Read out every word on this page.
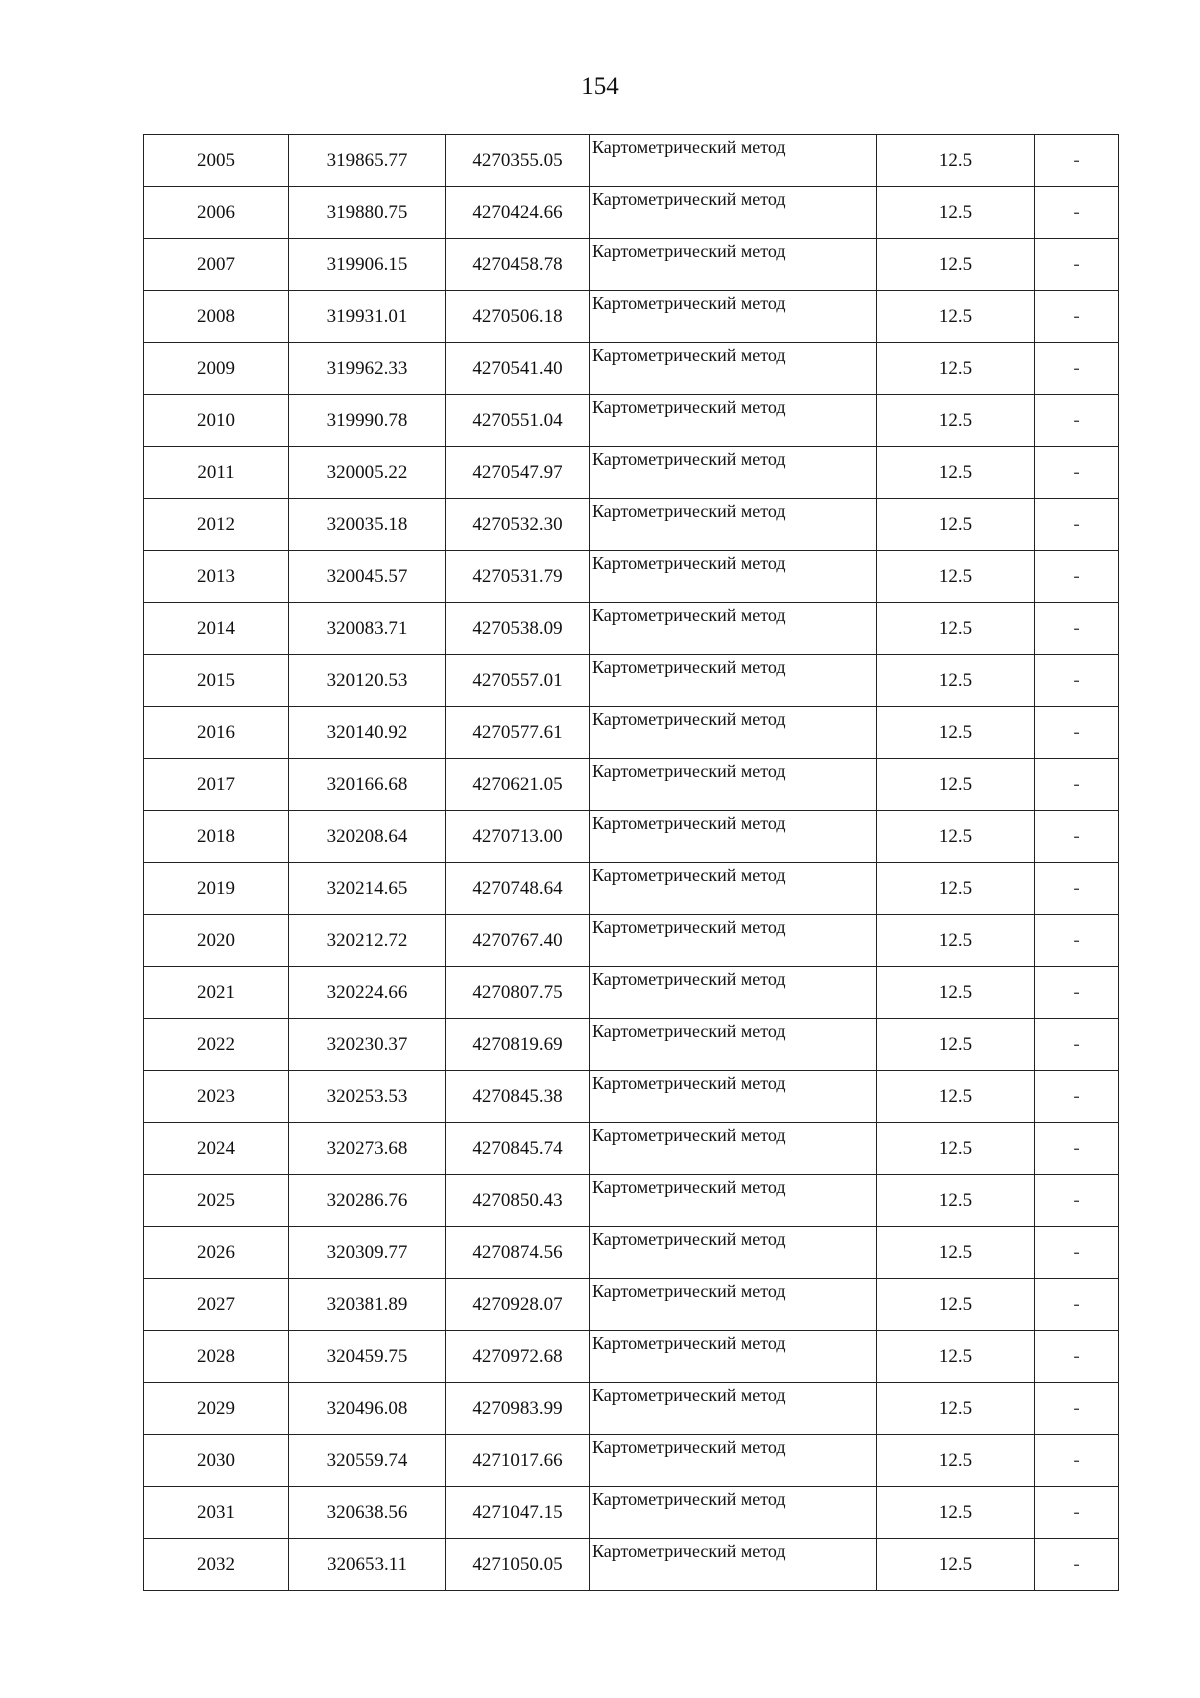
154
2005	319865.77	4270355.05	Картометрический метод	12.5	-
2006	319880.75	4270424.66	Картометрический метод	12.5	-
2007	319906.15	4270458.78	Картометрический метод	12.5	-
2008	319931.01	4270506.18	Картометрический метод	12.5	-
2009	319962.33	4270541.40	Картометрический метод	12.5	-
2010	319990.78	4270551.04	Картометрический метод	12.5	-
2011	320005.22	4270547.97	Картометрический метод	12.5	-
2012	320035.18	4270532.30	Картометрический метод	12.5	-
2013	320045.57	4270531.79	Картометрический метод	12.5	-
2014	320083.71	4270538.09	Картометрический метод	12.5	-
2015	320120.53	4270557.01	Картометрический метод	12.5	-
2016	320140.92	4270577.61	Картометрический метод	12.5	-
2017	320166.68	4270621.05	Картометрический метод	12.5	-
2018	320208.64	4270713.00	Картометрический метод	12.5	-
2019	320214.65	4270748.64	Картометрический метод	12.5	-
2020	320212.72	4270767.40	Картометрический метод	12.5	-
2021	320224.66	4270807.75	Картометрический метод	12.5	-
2022	320230.37	4270819.69	Картометрический метод	12.5	-
2023	320253.53	4270845.38	Картометрический метод	12.5	-
2024	320273.68	4270845.74	Картометрический метод	12.5	-
2025	320286.76	4270850.43	Картометрический метод	12.5	-
2026	320309.77	4270874.56	Картометрический метод	12.5	-
2027	320381.89	4270928.07	Картометрический метод	12.5	-
2028	320459.75	4270972.68	Картометрический метод	12.5	-
2029	320496.08	4270983.99	Картометрический метод	12.5	-
2030	320559.74	4271017.66	Картометрический метод	12.5	-
2031	320638.56	4271047.15	Картометрический метод	12.5	-
2032	320653.11	4271050.05	Картометрический метод	12.5	-
